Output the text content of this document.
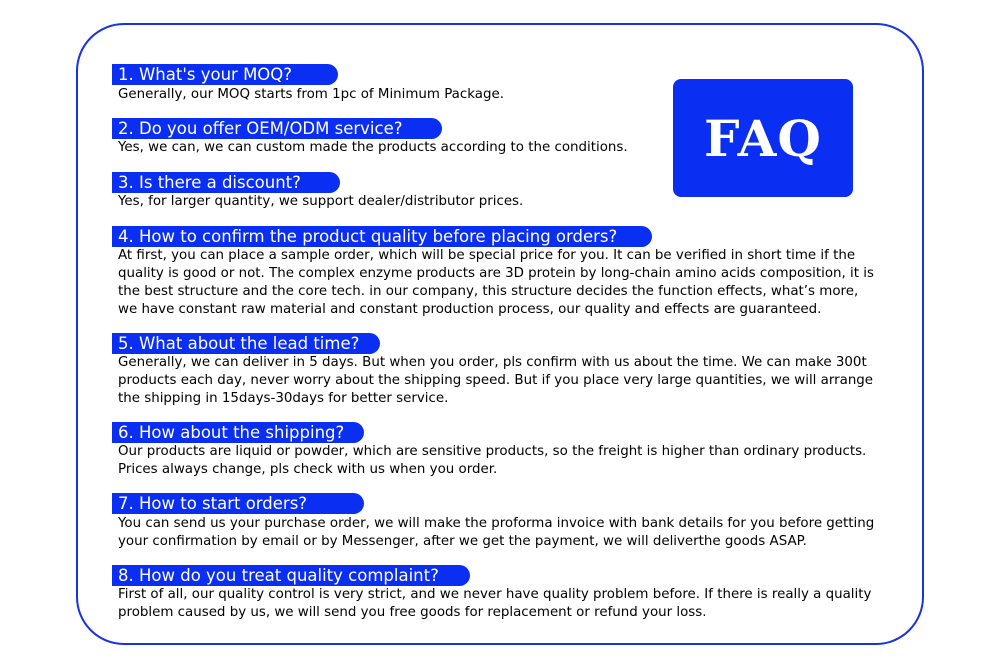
FAQ
1. What's your MOQ?

Generally, our MOQ starts from 1pc of Minimum Package.

2. Do you offer OEM/ODM service?

Yes, we can, we can custom made the products according to the conditions.

3. Is there a discount?

Yes, for larger quantity, we support dealer/distributor prices.

4. How to confirm the product quality before placing orders?

At first, you can place a sample order, which will be special price for you. It can be verified in short time if the quality is good or not. The complex enzyme products are 3D protein by long-chain amino acids composition, it is the best structure and the core tech. in our company, this structure decides the function effects, what’s more, we have constant raw material and constant production process, our quality and effects are guaranteed.

5. What about the lead time?

Generally, we can deliver in 5 days. But when you order, pls confirm with us about the time. We can make 300t products each day, never worry about the shipping speed. But if you place very large quantities, we will arrange the shipping in 15days-30days for better service.

6. How about the shipping?

Our products are liquid or powder, which are sensitive products, so the freight is higher than ordinary products. Prices always change, pls check with us when you order.

7. How to start orders?

You can send us your purchase order, we will make the proforma invoice with bank details for you before getting your confirmation by email or by Messenger, after we get the payment, we will deliverthe goods ASAP.

8. How do you treat quality complaint?

First of all, our quality control is very strict, and we never have quality problem before. If there is really a quality problem caused by us, we will send you free goods for replacement or refund your loss.
